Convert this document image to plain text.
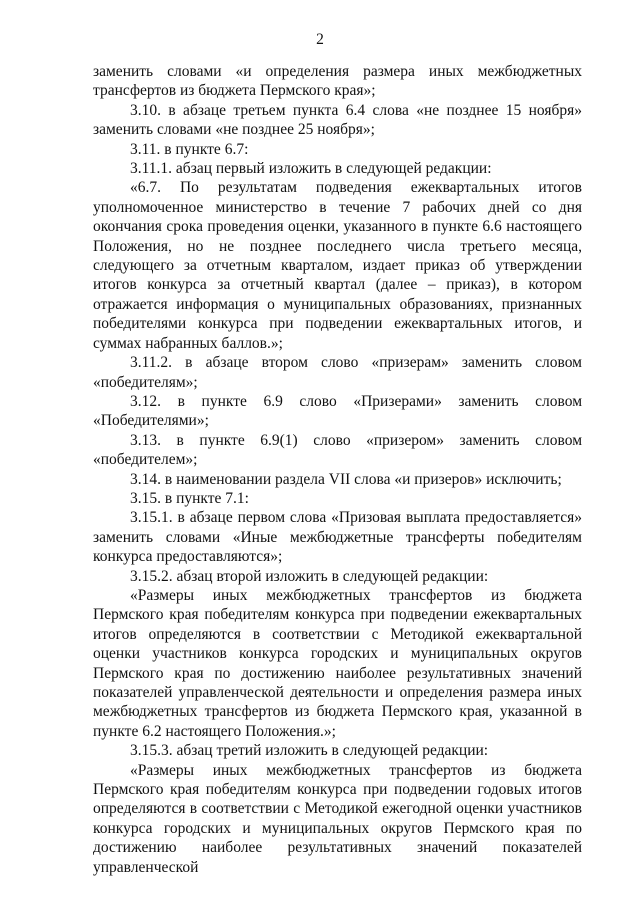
2

заменить словами «и определения размера иных межбюджетных трансфертов из бюджета Пермского края»;

3.10. в абзаце третьем пункта 6.4 слова «не позднее 15 ноября» заменить словами «не позднее 25 ноября»;

3.11. в пункте 6.7:

3.11.1. абзац первый изложить в следующей редакции:

«6.7. По результатам подведения ежеквартальных итогов уполномоченное министерство в течение 7 рабочих дней со дня окончания срока проведения оценки, указанного в пункте 6.6 настоящего Положения, но не позднее последнего числа третьего месяца, следующего за отчетным кварталом, издает приказ об утверждении итогов конкурса за отчетный квартал (далее – приказ), в котором отражается информация о муниципальных образованиях, признанных победителями конкурса при подведении ежеквартальных итогов, и суммах набранных баллов.»;

3.11.2. в абзаце втором слово «призерам» заменить словом «победителям»;

3.12. в пункте 6.9 слово «Призерами» заменить словом «Победителями»;

3.13. в пункте 6.9(1) слово «призером» заменить словом «победителем»;

3.14. в наименовании раздела VII слова «и призеров» исключить;

3.15. в пункте 7.1:

3.15.1. в абзаце первом слова «Призовая выплата предоставляется» заменить словами «Иные межбюджетные трансферты победителям конкурса предоставляются»;

3.15.2. абзац второй изложить в следующей редакции:

«Размеры иных межбюджетных трансфертов из бюджета Пермского края победителям конкурса при подведении ежеквартальных итогов определяются в соответствии с Методикой ежеквартальной оценки участников конкурса городских и муниципальных округов Пермского края по достижению наиболее результативных значений показателей управленческой деятельности и определения размера иных межбюджетных трансфертов из бюджета Пермского края, указанной в пункте 6.2 настоящего Положения.»;

3.15.3. абзац третий изложить в следующей редакции:

«Размеры иных межбюджетных трансфертов из бюджета Пермского края победителям конкурса при подведении годовых итогов определяются в соответствии с Методикой ежегодной оценки участников конкурса городских и муниципальных округов Пермского края по достижению наиболее результативных значений показателей управленческой
